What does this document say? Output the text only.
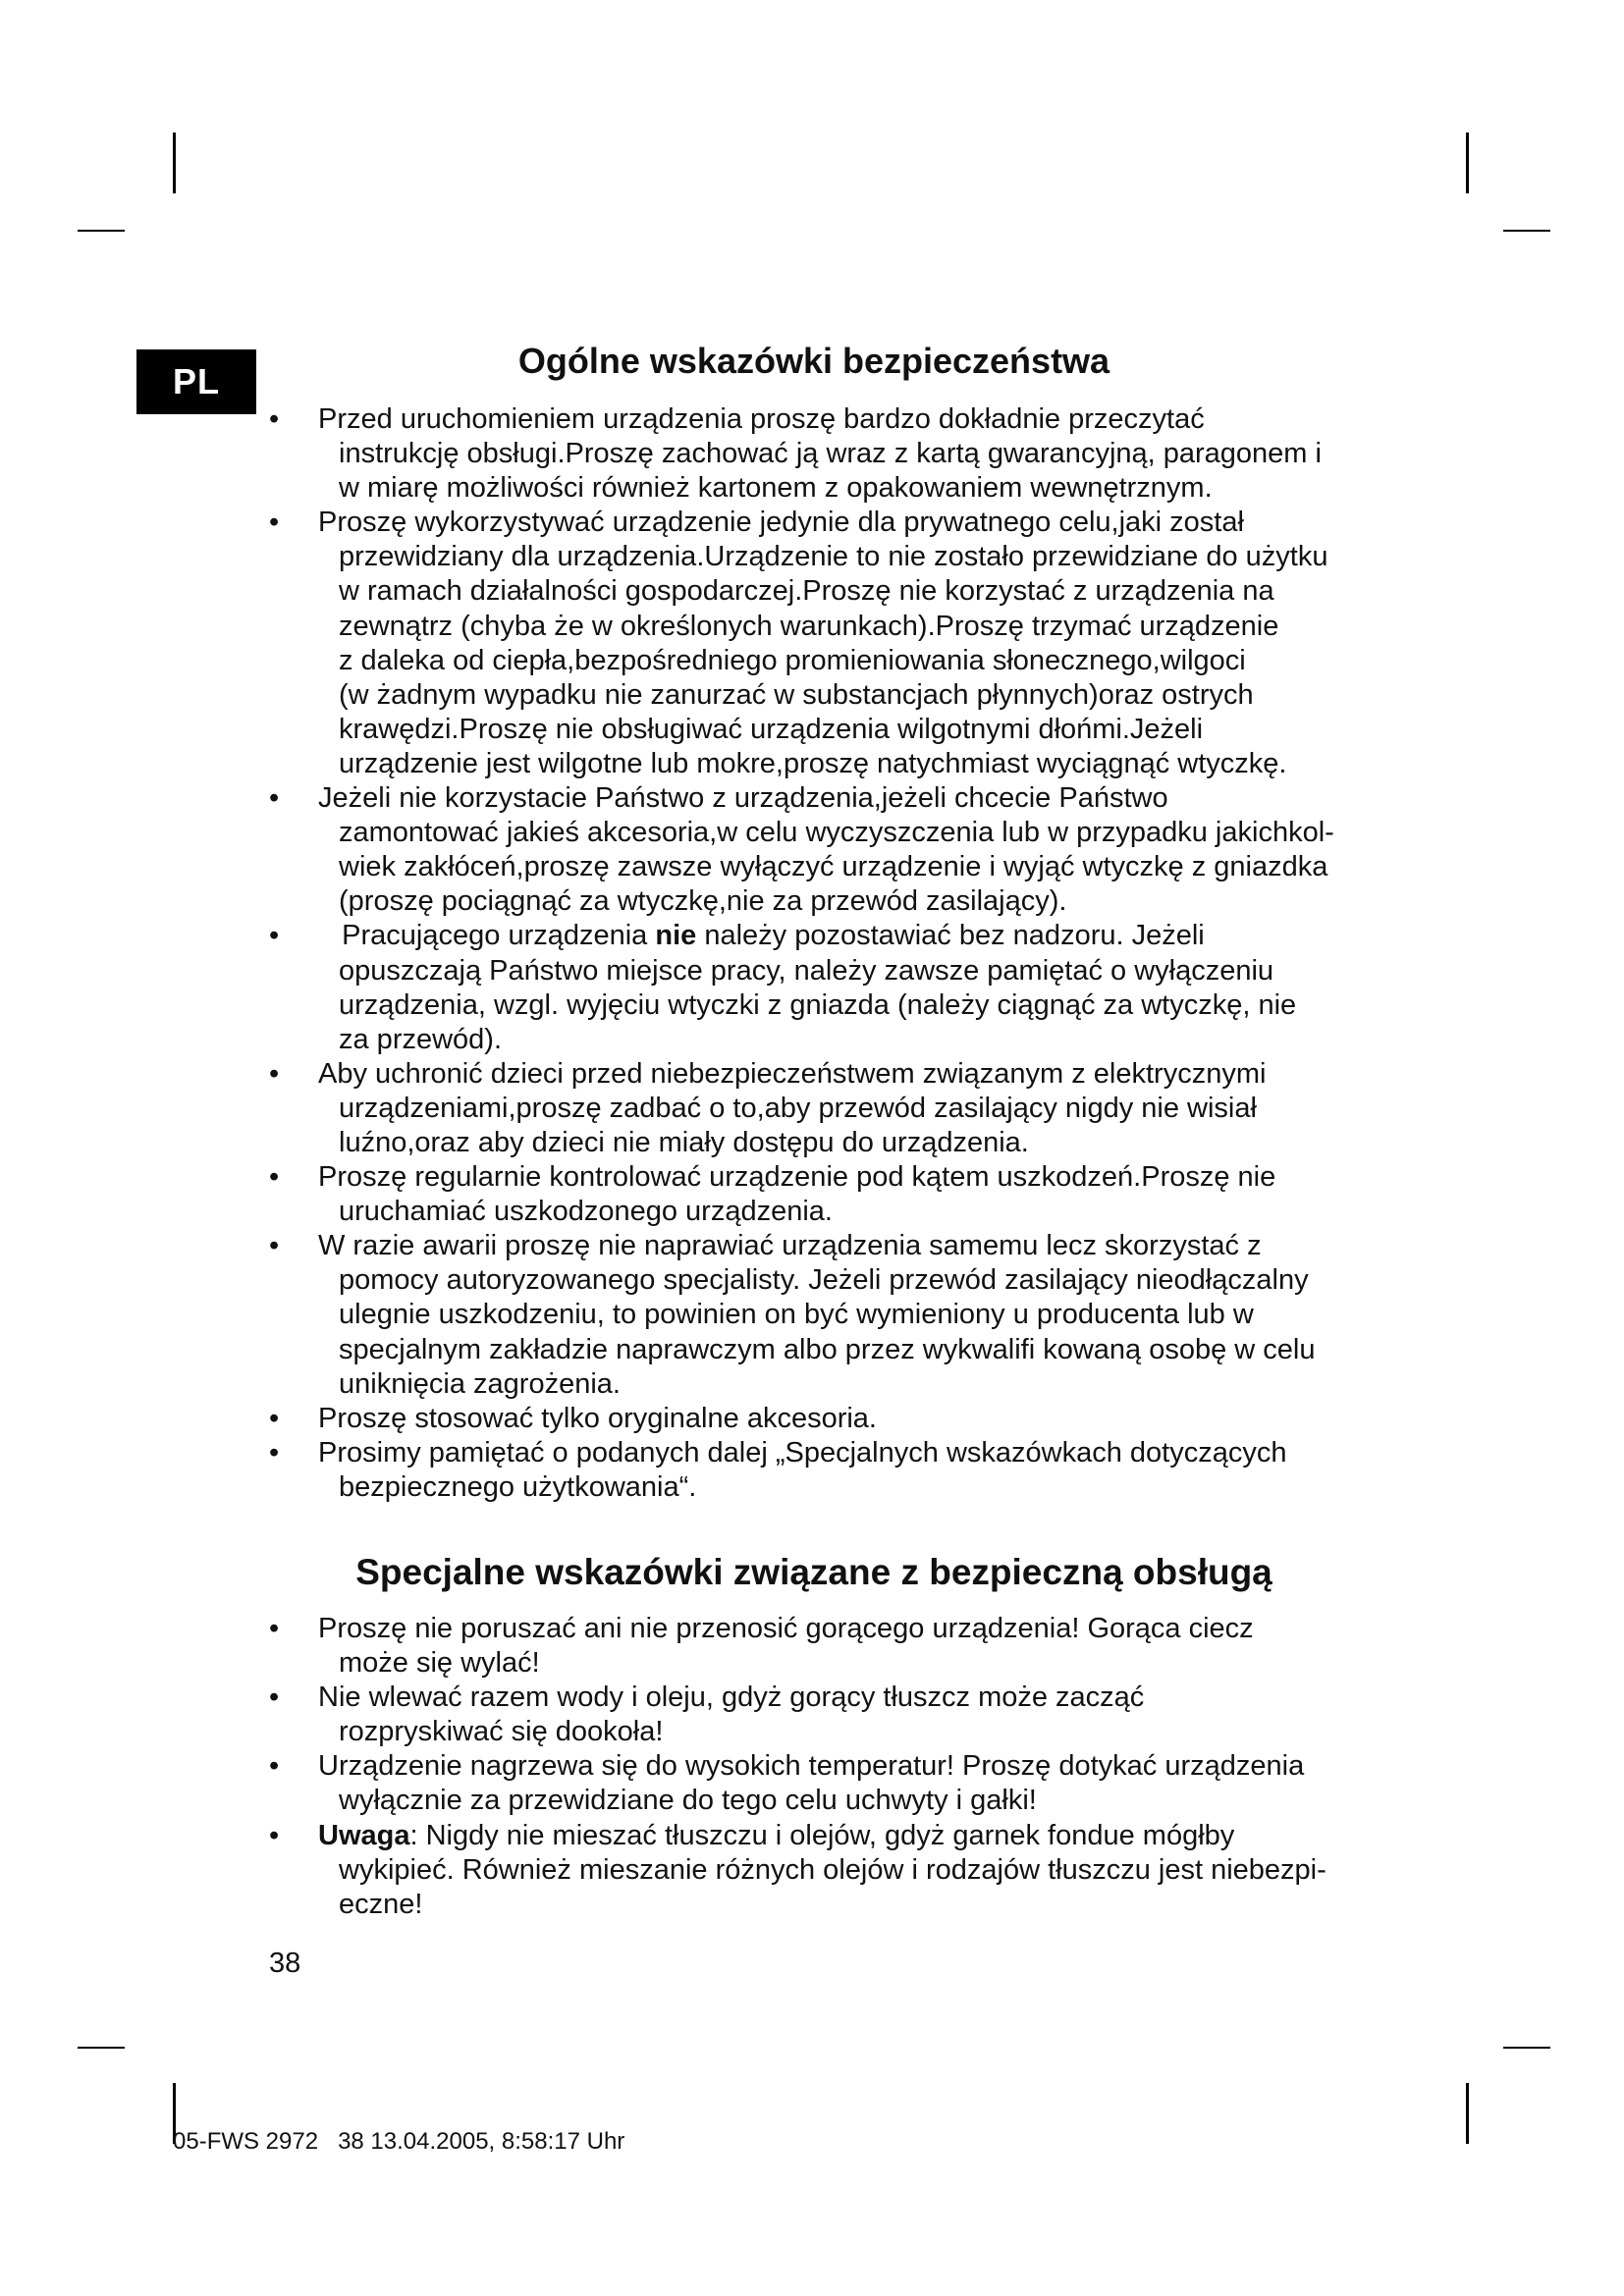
PL
Ogólne wskazówki bezpieczeństwa
• Przed uruchomieniem urządzenia proszę bardzo dokładnie przeczytać
instrukcję obsługi.Proszę zachować ją wraz z kartą gwarancyjną, paragonem i
w miarę możliwości również kartonem z opakowaniem wewnętrznym.
• Proszę wykorzystywać urządzenie jedynie dla prywatnego celu,jaki został
przewidziany dla urządzenia.Urządzenie to nie zostało przewidziane do użytku
w ramach działalności gospodarczej.Proszę nie korzystać z urządzenia na
zewnątrz (chyba że w określonych warunkach).Proszę trzymać urządzenie
z daleka od ciepła,bezpośredniego promieniowania słonecznego,wilgoci
(w żadnym wypadku nie zanurzać w substancjach płynnych)oraz ostrych
krawędzi.Proszę nie obsługiwać urządzenia wilgotnymi dłońmi.Jeżeli
urządzenie jest wilgotne lub mokre,proszę natychmiast wyciągnąć wtyczkę.
• Jeżeli nie korzystacie Państwo z urządzenia,jeżeli chcecie Państwo
zamontować jakieś akcesoria,w celu wyczyszczenia lub w przypadku jakichkol-
wiek zakłóceń,proszę zawsze wyłączyć urządzenie i wyjąć wtyczkę z gniazdka
(proszę pociągnąć za wtyczkę,nie za przewód zasilający).
•    Pracującego urządzenia nie należy pozostawiać bez nadzoru. Jeżeli
opuszczają Państwo miejsce pracy, należy zawsze pamiętać o wyłączeniu
urządzenia, wzgl. wyjęciu wtyczki z gniazda (należy ciągnąć za wtyczkę, nie
za przewód).
• Aby uchronić dzieci przed niebezpieczeństwem związanym z elektrycznymi
urządzeniami,proszę zadbać o to,aby przewód zasilający nigdy nie wisiał
luźno,oraz aby dzieci nie miały dostępu do urządzenia.
• Proszę regularnie kontrolować urządzenie pod kątem uszkodzeń.Proszę nie
uruchamiać uszkodzonego urządzenia.
• W razie awarii proszę nie naprawiać urządzenia samemu lecz skorzystać z
pomocy autoryzowanego specjalisty. Jeżeli przewód zasilający nieodłączalny
ulegnie uszkodzeniu, to powinien on być wymieniony u producenta lub w
specjalnym zakładzie naprawczym albo przez wykwalifi kowaną osobę w celu
uniknięcia zagrożenia.
• Proszę stosować tylko oryginalne akcesoria.
• Prosimy pamiętać o podanych dalej „Specjalnych wskazówkach dotyczących
bezpiecznego użytkowania“.
Specjalne wskazówki związane z bezpieczną obsługą
• Proszę nie poruszać ani nie przenosić gorącego urządzenia! Gorąca ciecz
może się wylać!
• Nie wlewać razem wody i oleju, gdyż gorący tłuszcz może zacząć
rozpryskiwać się dookoła!
• Urządzenie nagrzewa się do wysokich temperatur! Proszę dotykać urządzenia
wyłącznie za przewidziane do tego celu uchwyty i gałki!
• Uwaga: Nigdy nie mieszać tłuszczu i olejów, gdyż garnek fondue mógłby
wykipieć. Również mieszanie różnych olejów i rodzajów tłuszczu jest niebezpi-
eczne!
38
05-FWS 2972   38 13.04.2005, 8:58:17 Uhr
